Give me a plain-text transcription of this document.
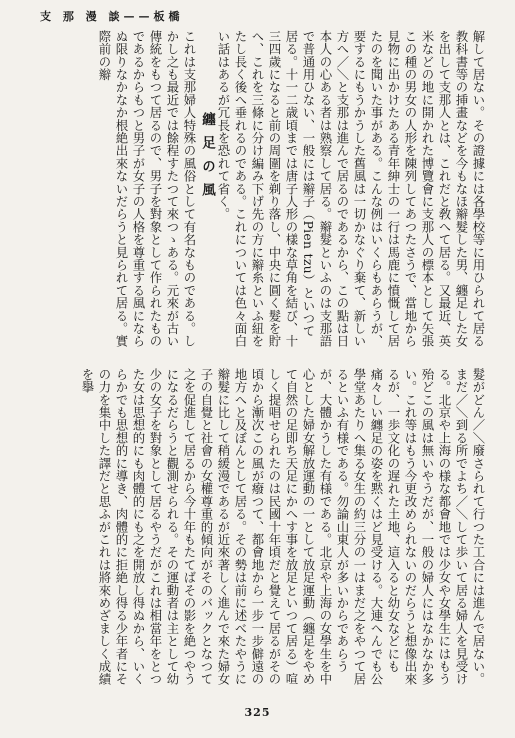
支 那 漫 談——板橋

解して居ない。その證據には各學校等に用ひられて居る教科書等の挿畫などを今もなほ辮髮した男、纏足した女を出して支那人とは、これだと敎へて居る。又最近、英米などの地に開かれた博覽會に支那人の標本として矢張この種の男女の人形を陳列してあつたさうで、當地から見物に出かけたある青年紳士の一行は馬鹿に憤慨して居たのを聞いた事がある。こんな例はいくらもあらうが、要するにもうかうした舊風は一切かなぐり棄て、新しい方へ／＼と支那は進んで居るのであるから、この點は日本人の心ある者は熟察して居る。辮髮といふのは支那語で普通用ひない、一般には辮子（Pien tzu）といつて居る。十一二歳頃までは唐子人形の樣な草角を結び、十三四歲になると前の周圍を剃り落し、中央に圓く髮を貯へ、これを三條に分け編み下げ先の方に辮糸といふ紐をたし長く後へ垂れるのである。これについては色々面白い話はあるが冗長を恐れて省く。

纏足の風

これは支那婦人特殊の風俗として有名なものである。しかし之も最近では餘程すたつて來つゝある。元來が古い傳統をもつて居るので、男子を對象として作られたものであるからもつと男子が女子の人格を尊重する風にならぬ限りなかなか根絶出來ないだらうと見られて居る。實際前の辮

髮がどん／＼廢さられて行つた工合には進んで居ない。まだ／＼到る所でよち／＼して歩いて居る婦人を見受ける。北京や上海の様な都會地では少女や女學生にはもう殆どこの風は無いやうだが、一般の婦人にはなかなか多い。これ等はもう今更改められないのだらうと想像出來るが、一歩文化の遅れた土地、這入ると幼女などにも痛々しい纏足の姿を黙くはど見受ける。大連へんでも公學堂あたりへ集る女生の約三分の一はまだ之をやつて居るといふ有様である。勿論山東人が多いからであらうが、大體かうした有様である。北京や上海の女學生を中心とした婦女解放運動の一として放足運動（纏足をやめて自然の足即ち天足にかへす事を放足といつて居る）喧しく提唱せられたのは民國十年頃だと覺えて居るがその頃から漸次この風が癈つて、都會地から一步一步僻遠の地方へと及ぼんとして居る。その勢は前に述べたやうに辮髮に比して稍緩漫であるが近來著しく進んで來た婦女子の自覺と社會の女權尊重的傾向がそのバックとなつて之を促進して居るから今十年もたてばその影を絶つやうになるだらうと觀測せられる。その運動者は主として幼少の女子を對象として居るやうだがこれは相當年をとつた女は思想的にも肉體的にも之を開放し得ぬから、いくらかでも思想的に導き、肉體的に拒絶し得る少年者にその力を集中した譯だと思ふがこれは將來めざましく成績を擧

325
